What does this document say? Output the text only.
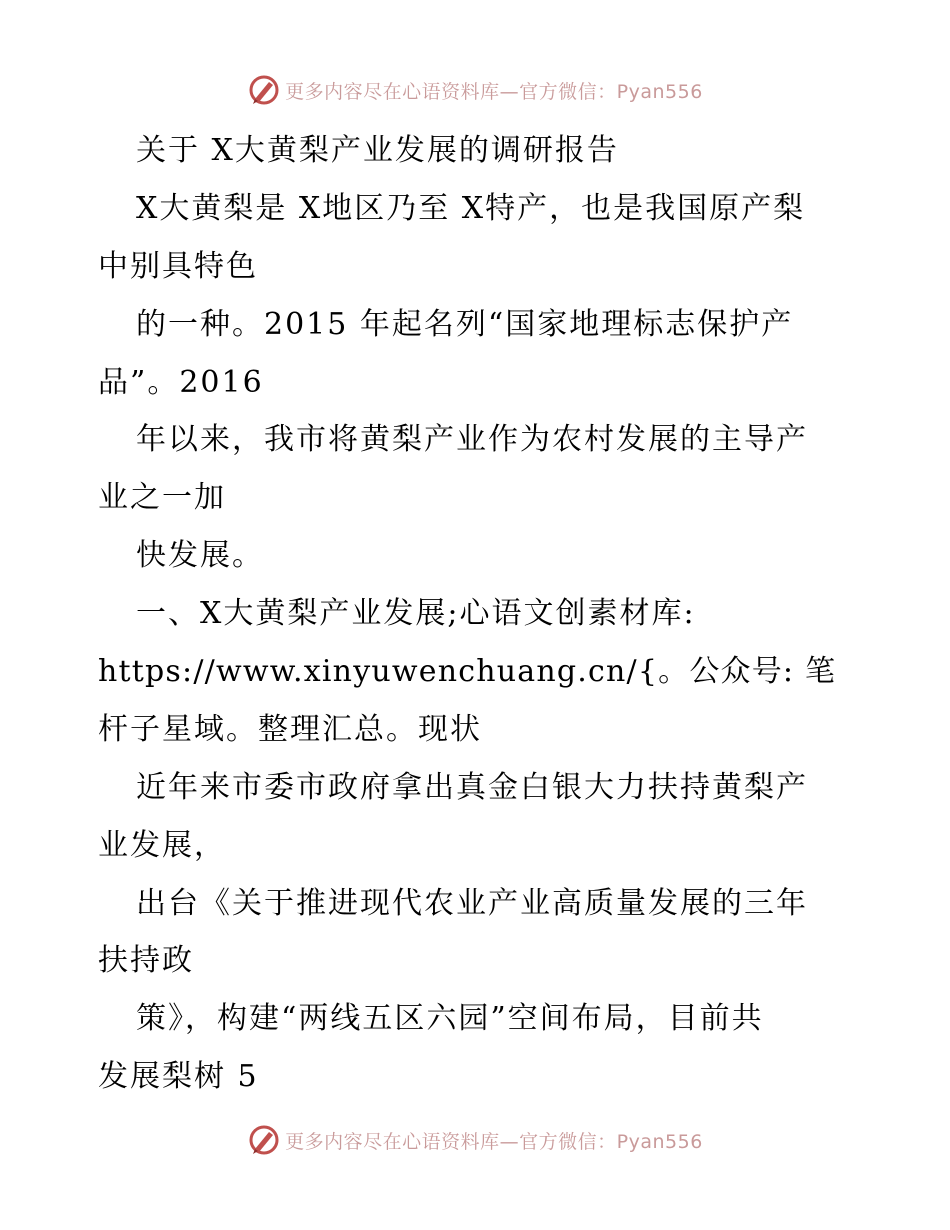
更多内容尽在心语资料库—官方微信：Pyan556
关于 X大黄梨产业发展的调研报告
X大黄梨是 X地区乃至 X特产，也是我国原产梨
中别具特色
的一种。2015 年起名列“国家地理标志保护产
品”。2016
年以来，我市将黄梨产业作为农村发展的主导产
业之一加
快发展。
一、X大黄梨产业发展;心语文创素材库:
https://www.xinyuwenchuang.cn/{。公众号: 笔
杆子星域。整理汇总。现状
近年来市委市政府拿出真金白银大力扶持黄梨产
业发展，
出台《关于推进现代农业产业高质量发展的三年
扶持政
策》，构建“两线五区六园”空间布局，目前共
发展梨树 5
更多内容尽在心语资料库—官方微信：Pyan556
